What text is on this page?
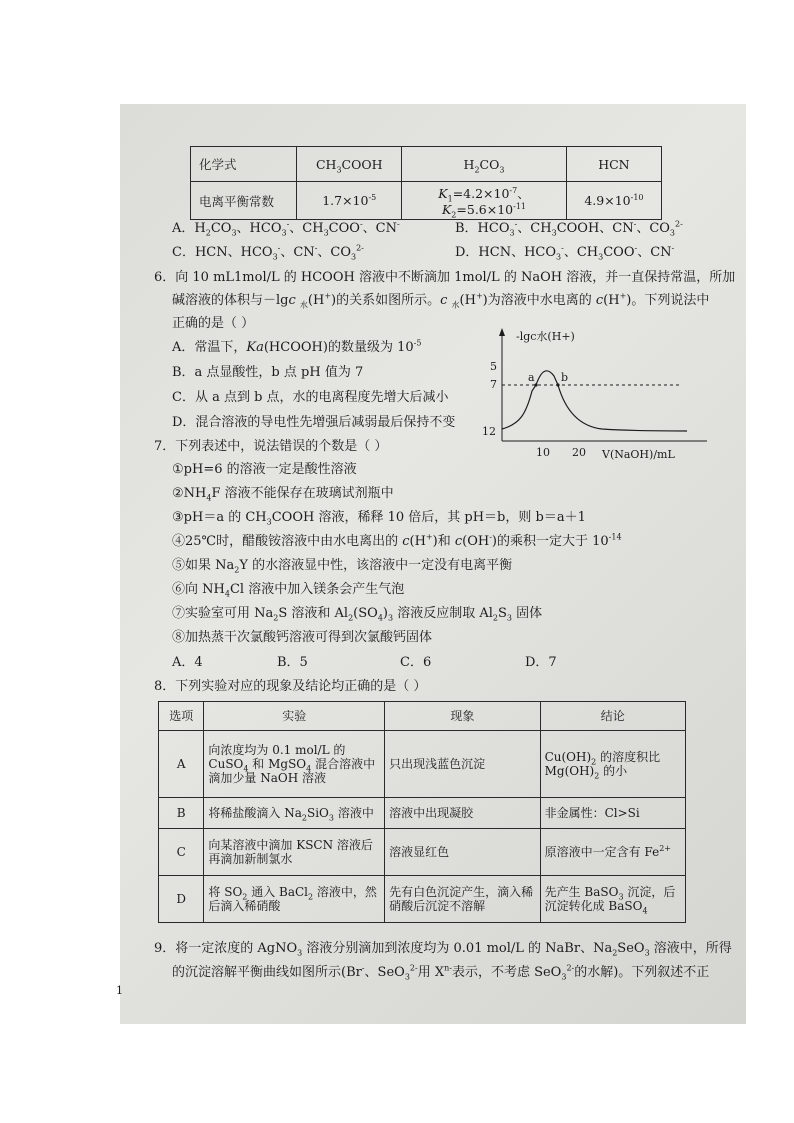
化学式	$CH_3COOH$	$H_2CO_3$	HCN
电离平衡常数	$1.7\times 10^{-5}$	$K_1=4.2\times 10^{-7}$、$K_2=5.6\times 10^{-11}$	$4.9\times 10^{-10}$
A．$H_2CO_3$、$HCO_3^-$、$CH_3COO^-$、CN-	B．$HCO_3^-$、$CH_3COOH$、CN-、$CO_3^{2-}$
C．HCN、$HCO_3^-$、CN-、$CO_3^{2-}$	D．HCN、$HCO_3^-$、$CH_3COO^-$、CN-
6．向 10 mL1mol/L 的 HCOOH 溶液中不断滴加 1mol/L 的 NaOH 溶液，并一直保持常温，所加
碱溶液的体积与－lgc $_水$(H+)的关系如图所示。c $_水$(H+)为溶液中水电离的 c(H+)。下列说法中
正确的是（ ）
A．常温下，Ka(HCOOH)的数量级为 $10^{-5}$
B．a 点显酸性，b 点 pH 值为 7
C．从 a 点到 b 点，水的电离程度先增大后减小
D．混合溶液的导电性先增强后减弱最后保持不变
-lgc水(H+)
5
7
12
a b
10 20 V(NaOH)/mL
7．下列表述中，说法错误的个数是（ ）
①pH=6 的溶液一定是酸性溶液
$②NH_4F$ 溶液不能保存在玻璃试剂瓶中
③pH＝a 的 $CH_3COOH$ 溶液，稀释 10 倍后，其 pH＝b，则 b＝a＋1
④25℃时，醋酸铵溶液中由水电离出的 c(H+)和 c(OH-)的乘积一定大于 $10^{-14}$
⑤如果 $Na_2Y$ 的水溶液显中性，该溶液中一定没有电离平衡
⑥向 $NH_4Cl$ 溶液中加入镁条会产生气泡
⑦实验室可用 $Na_2S$ 溶液和 $Al_2(SO_4)_3$ 溶液反应制取 $Al_2S_3$ 固体
⑧加热蒸干次氯酸钙溶液可得到次氯酸钙固体
A．4	B．5	C．6	D．7
8．下列实验对应的现象及结论均正确的是（ ）
选项	实验	现象	结论
A	向浓度均为 0.1 mol/L 的 CuSO$_4$ 和 MgSO$_4$ 混合溶液中滴加少量 NaOH 溶液	只出现浅蓝色沉淀	$Cu(OH)_2$ 的溶度积比 $Mg(OH)_2$ 的小
B	将稀盐酸滴入 $Na_2SiO_3$ 溶液中	溶液中出现凝胶	非金属性：Cl>Si
C	向某溶液中滴加 KSCN 溶液后再滴加新制氯水	溶液显红色	原溶液中一定含有 $Fe^{2+}$
D	将 $SO_2$ 通入 BaCl$_2$ 溶液中，然后滴入稀硝酸	先有白色沉淀产生，滴入稀硝酸后沉淀不溶解	先产生 BaSO$_3$ 沉淀，后沉淀转化成 BaSO$_4$
9．将一定浓度的 AgNO$_3$ 溶液分别滴加到浓度均为 0.01 mol/L 的 NaBr、$Na_2SeO_3$ 溶液中，所得
的沉淀溶解平衡曲线如图所示(Br-、SeO$_3^{2-}$用 $X^{n-}$表示，不考虑 SeO$_3^{2-}$的水解)。下列叙述不正
1
